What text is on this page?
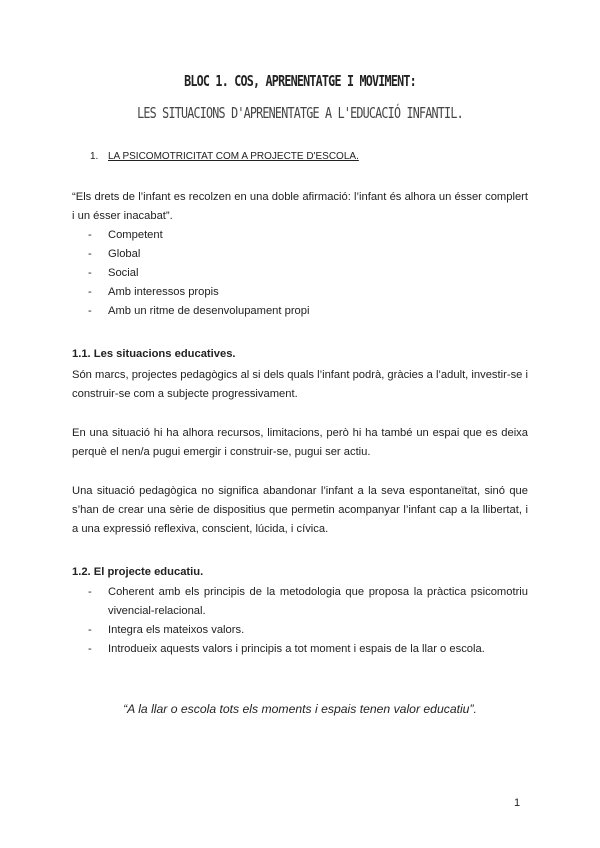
BLOC 1. COS, APRENENTATGE I MOVIMENT:
LES SITUACIONS D'APRENENTATGE A L'EDUCACIÓ INFANTIL.
1. LA PSICOMOTRICITAT COM A PROJECTE D'ESCOLA.
“Els drets de l’infant es recolzen en una doble afirmació: l’infant és alhora un ésser complert i un ésser inacabat”.
- Competent
- Global
- Social
- Amb interessos propis
- Amb un ritme de desenvolupament propi
1.1. Les situacions educatives.
Són marcs, projectes pedagògics al si dels quals l’infant podrà, gràcies a l’adult, investir-se i construir-se com a subjecte progressivament.
En una situació hi ha alhora recursos, limitacions, però hi ha també un espai que es deixa perquè el nen/a pugui emergir i construir-se, pugui ser actiu.
Una situació pedagògica no significa abandonar l’infant a la seva espontaneïtat, sinó que s’han de crear una sèrie de dispositius que permetin acompanyar l’infant cap a la llibertat, i a una expressió reflexiva, conscient, lúcida, i cívica.
1.2. El projecte educatiu.
- Coherent amb els principis de la metodologia que proposa la pràctica psicomotriu vivencial-relacional.
- Integra els mateixos valors.
- Introdueix aquests valors i principis a tot moment i espais de la llar o escola.
“A la llar o escola tots els moments i espais tenen valor educatiu”.
1
